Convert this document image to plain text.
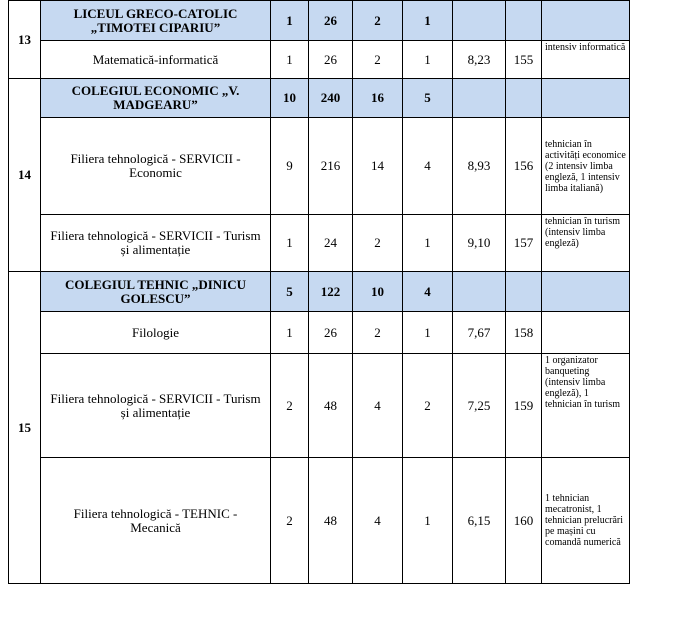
13	LICEUL GRECO-CATOLIC „TIMOTEI CIPARIU”	1	26	2	1			
	Matematică-informatică	1	26	2	1	8,23	155	intensiv informatică
14	COLEGIUL ECONOMIC „V. MADGEARU”	10	240	16	5			
	Filiera tehnologică - SERVICII - Economic	9	216	14	4	8,93	156	tehnician în activități economice (2 intensiv limba engleză, 1 intensiv limba italiană)
	Filiera tehnologică - SERVICII - Turism și alimentație	1	24	2	1	9,10	157	tehnician în turism (intensiv limba engleză)
15	COLEGIUL TEHNIC „DINICU GOLESCU”	5	122	10	4			
	Filologie	1	26	2	1	7,67	158	
	Filiera tehnologică - SERVICII - Turism și alimentație	2	48	4	2	7,25	159	1 organizator banqueting (intensiv limba engleză), 1 tehnician în turism
	Filiera tehnologică - TEHNIC - Mecanică	2	48	4	1	6,15	160	1 tehnician mecatronist, 1 tehnician prelucrări pe mașini cu comandă numerică
